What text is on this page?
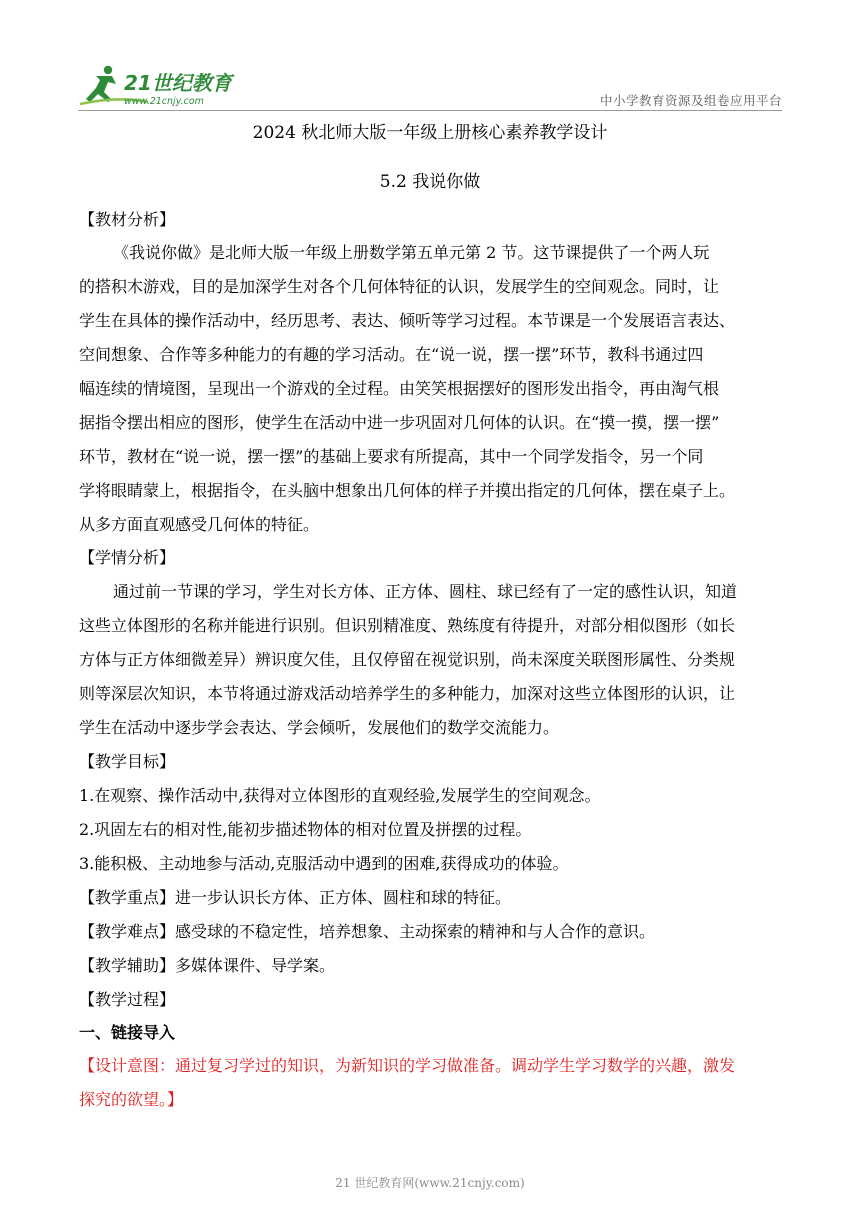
21世纪教育
www.21cnjy.com	中小学教育资源及组卷应用平台
2024 秋北师大版一年级上册核心素养教学设计
5.2 我说你做
【教材分析】
《我说你做》是北师大版一年级上册数学第五单元第 2 节。这节课提供了一个两人玩
的搭积木游戏，目的是加深学生对各个几何体特征的认识，发展学生的空间观念。同时，让
学生在具体的操作活动中，经历思考、表达、倾听等学习过程。本节课是一个发展语言表达、
空间想象、合作等多种能力的有趣的学习活动。在“说一说，摆一摆”环节，教科书通过四
幅连续的情境图，呈现出一个游戏的全过程。由笑笑根据摆好的图形发出指令，再由淘气根
据指令摆出相应的图形，使学生在活动中进一步巩固对几何体的认识。在“摸一摸，摆一摆”
环节，教材在“说一说，摆一摆”的基础上要求有所提高，其中一个同学发指令，另一个同
学将眼睛蒙上，根据指令，在头脑中想象出几何体的样子并摸出指定的几何体，摆在桌子上。
从多方面直观感受几何体的特征。
【学情分析】
通过前一节课的学习，学生对长方体、正方体、圆柱、球已经有了一定的感性认识，知道
这些立体图形的名称并能进行识别。但识别精准度、熟练度有待提升，对部分相似图形（如长
方体与正方体细微差异）辨识度欠佳，且仅停留在视觉识别，尚未深度关联图形属性、分类规
则等深层次知识，本节将通过游戏活动培养学生的多种能力，加深对这些立体图形的认识，让
学生在活动中逐步学会表达、学会倾听，发展他们的数学交流能力。
【教学目标】
1.在观察、操作活动中,获得对立体图形的直观经验,发展学生的空间观念。
2.巩固左右的相对性,能初步描述物体的相对位置及拼摆的过程。
3.能积极、主动地参与活动,克服活动中遇到的困难,获得成功的体验。
【教学重点】进一步认识长方体、正方体、圆柱和球的特征。
【教学难点】感受球的不稳定性，培养想象、主动探索的精神和与人合作的意识。
【教学辅助】多媒体课件、导学案。
【教学过程】
一、链接导入
【设计意图：通过复习学过的知识，为新知识的学习做准备。调动学生学习数学的兴趣，激发
探究的欲望。】
21 世纪教育网(www.21cnjy.com)
